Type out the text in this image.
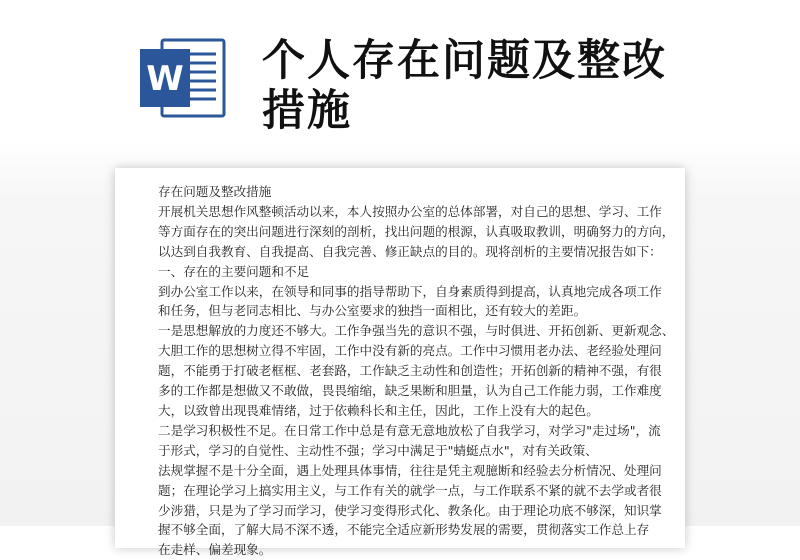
W 个人存在问题及整改
措施
存在问题及整改措施
开展机关思想作风整顿活动以来，本人按照办公室的总体部署，对自己的思想、学习、工作
等方面存在的突出问题进行深刻的剖析，找出问题的根源，认真吸取教训，明确努力的方向，
以达到自我教育、自我提高、自我完善、修正缺点的目的。现将剖析的主要情况报告如下：
一、存在的主要问题和不足
到办公室工作以来，在领导和同事的指导帮助下，自身素质得到提高，认真地完成各项工作
和任务，但与老同志相比、与办公室要求的独挡一面相比，还有较大的差距。
一是思想解放的力度还不够大。工作争强当先的意识不强，与时俱进、开拓创新、更新观念、
大胆工作的思想树立得不牢固，工作中没有新的亮点。工作中习惯用老办法、老经验处理问
题，不能勇于打破老框框、老套路，工作缺乏主动性和创造性；开拓创新的精神不强，有很
多的工作都是想做又不敢做，畏畏缩缩，缺乏果断和胆量，认为自己工作能力弱，工作难度
大，以致曾出现畏难情绪，过于依赖科长和主任，因此，工作上没有大的起色。
二是学习积极性不足。在日常工作中总是有意无意地放松了自我学习，对学习"走过场"，流
于形式，学习的自觉性、主动性不强；学习中满足于"蜻蜓点水"，对有关政策、
法规掌握不是十分全面，遇上处理具体事情，往往是凭主观臆断和经验去分析情况、处理问
题；在理论学习上搞实用主义，与工作有关的就学一点，与工作联系不紧的就不去学或者很
少涉猎，只是为了学习而学习，使学习变得形式化、教条化。由于理论功底不够深，知识掌
握不够全面，了解大局不深不透，不能完全适应新形势发展的需要，贯彻落实工作总上存
在走样、偏差现象。
